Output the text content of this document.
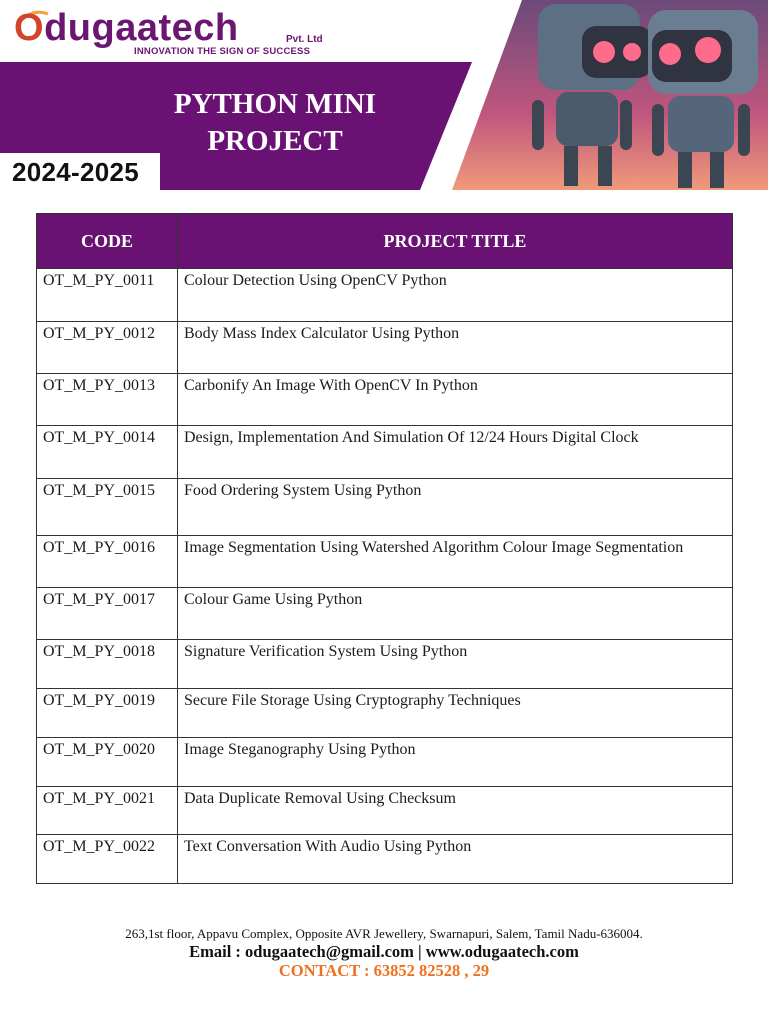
Odugaatech	Pvt. Ltd
INNOVATION THE SIGN OF SUCCESS
PYTHON MINI
PROJECT
2024-2025
CODE	PROJECT TITLE
OT_M_PY_0011	Colour Detection Using OpenCV Python
OT_M_PY_0012	Body Mass Index Calculator Using Python
OT_M_PY_0013	Carbonify An Image With OpenCV In Python
OT_M_PY_0014	Design, Implementation And Simulation Of 12/24 Hours Digital Clock
OT_M_PY_0015	Food Ordering System Using Python
OT_M_PY_0016	Image Segmentation Using Watershed Algorithm Colour Image Segmentation
OT_M_PY_0017	Colour Game Using Python
OT_M_PY_0018	Signature Verification System Using Python
OT_M_PY_0019	Secure File Storage Using Cryptography Techniques
OT_M_PY_0020	Image Steganography Using Python
OT_M_PY_0021	Data Duplicate Removal Using Checksum
OT_M_PY_0022	Text Conversation With Audio Using Python
263,1st floor, Appavu Complex, Opposite AVR Jewellery, Swarnapuri, Salem, Tamil Nadu-636004.
Email : odugaatech@gmail.com | www.odugaatech.com
CONTACT : 63852 82528 , 29
